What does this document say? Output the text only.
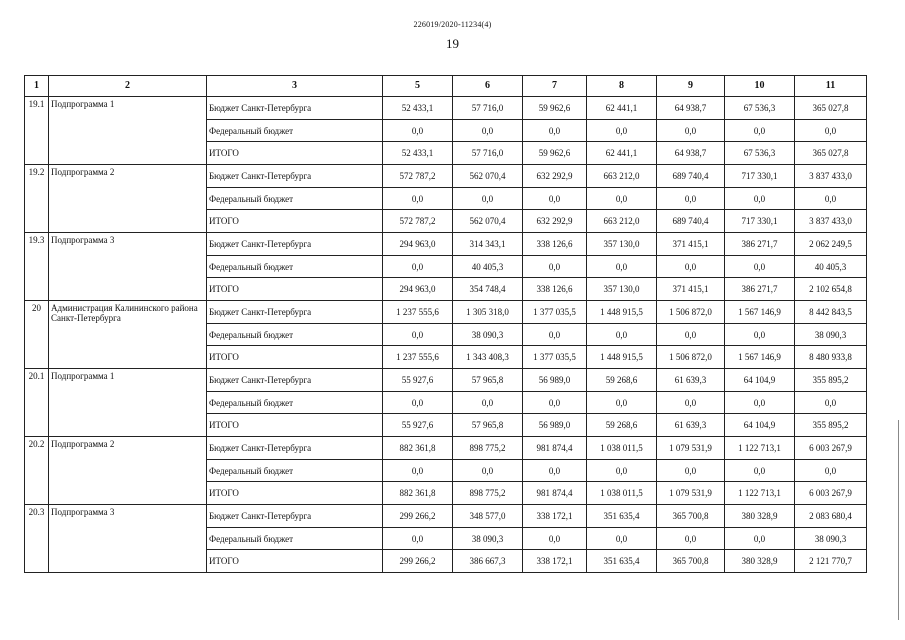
226019/2020-11234(4)
19
1	2	3	5	6	7	8	9	10	11
19.1	Подпрограмма 1	Бюджет Санкт-Петербурга	52 433,1	57 716,0	59 962,6	62 441,1	64 938,7	67 536,3	365 027,8
		Федеральный бюджет	0,0	0,0	0,0	0,0	0,0	0,0	0,0
		ИТОГО	52 433,1	57 716,0	59 962,6	62 441,1	64 938,7	67 536,3	365 027,8
19.2	Подпрограмма 2	Бюджет Санкт-Петербурга	572 787,2	562 070,4	632 292,9	663 212,0	689 740,4	717 330,1	3 837 433,0
		Федеральный бюджет	0,0	0,0	0,0	0,0	0,0	0,0	0,0
		ИТОГО	572 787,2	562 070,4	632 292,9	663 212,0	689 740,4	717 330,1	3 837 433,0
19.3	Подпрограмма 3	Бюджет Санкт-Петербурга	294 963,0	314 343,1	338 126,6	357 130,0	371 415,1	386 271,7	2 062 249,5
		Федеральный бюджет	0,0	40 405,3	0,0	0,0	0,0	0,0	40 405,3
		ИТОГО	294 963,0	354 748,4	338 126,6	357 130,0	371 415,1	386 271,7	2 102 654,8
20	Администрация Калининского района Санкт-Петербурга	Бюджет Санкт-Петербурга	1 237 555,6	1 305 318,0	1 377 035,5	1 448 915,5	1 506 872,0	1 567 146,9	8 442 843,5
		Федеральный бюджет	0,0	38 090,3	0,0	0,0	0,0	0,0	38 090,3
		ИТОГО	1 237 555,6	1 343 408,3	1 377 035,5	1 448 915,5	1 506 872,0	1 567 146,9	8 480 933,8
20.1	Подпрограмма 1	Бюджет Санкт-Петербурга	55 927,6	57 965,8	56 989,0	59 268,6	61 639,3	64 104,9	355 895,2
		Федеральный бюджет	0,0	0,0	0,0	0,0	0,0	0,0	0,0
		ИТОГО	55 927,6	57 965,8	56 989,0	59 268,6	61 639,3	64 104,9	355 895,2
20.2	Подпрограмма 2	Бюджет Санкт-Петербурга	882 361,8	898 775,2	981 874,4	1 038 011,5	1 079 531,9	1 122 713,1	6 003 267,9
		Федеральный бюджет	0,0	0,0	0,0	0,0	0,0	0,0	0,0
		ИТОГО	882 361,8	898 775,2	981 874,4	1 038 011,5	1 079 531,9	1 122 713,1	6 003 267,9
20.3	Подпрограмма 3	Бюджет Санкт-Петербурга	299 266,2	348 577,0	338 172,1	351 635,4	365 700,8	380 328,9	2 083 680,4
		Федеральный бюджет	0,0	38 090,3	0,0	0,0	0,0	0,0	38 090,3
		ИТОГО	299 266,2	386 667,3	338 172,1	351 635,4	365 700,8	380 328,9	2 121 770,7
